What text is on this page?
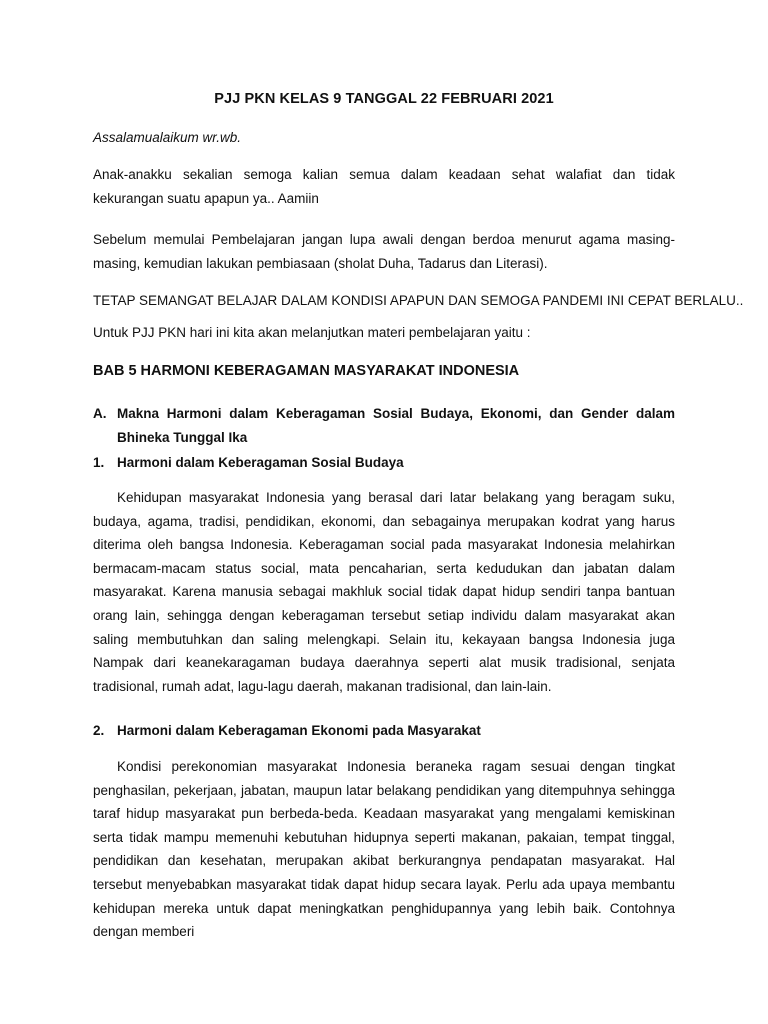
PJJ PKN KELAS 9 TANGGAL 22 FEBRUARI 2021
Assalamualaikum wr.wb.

Anak-anakku sekalian semoga kalian semua dalam keadaan sehat walafiat dan tidak kekurangan suatu apapun ya.. Aamiin

Sebelum memulai Pembelajaran jangan lupa awali dengan berdoa menurut agama masing-masing, kemudian lakukan pembiasaan (sholat Duha, Tadarus dan Literasi).

TETAP SEMANGAT BELAJAR DALAM KONDISI APAPUN DAN SEMOGA PANDEMI INI CEPAT BERLALU..
Untuk PJJ PKN hari ini kita akan melanjutkan materi pembelajaran yaitu :
BAB 5 HARMONI KEBERAGAMAN MASYARAKAT INDONESIA
A. Makna Harmoni dalam Keberagaman Sosial Budaya, Ekonomi, dan Gender dalam Bhineka Tunggal Ika
1. Harmoni dalam Keberagaman Sosial Budaya

Kehidupan masyarakat Indonesia yang berasal dari latar belakang yang beragam suku, budaya, agama, tradisi, pendidikan, ekonomi, dan sebagainya merupakan kodrat yang harus diterima oleh bangsa Indonesia. Keberagaman social pada masyarakat Indonesia melahirkan bermacam-macam status social, mata pencaharian, serta kedudukan dan jabatan dalam masyarakat. Karena manusia sebagai makhluk social tidak dapat hidup sendiri tanpa bantuan orang lain, sehingga dengan keberagaman tersebut setiap individu dalam masyarakat akan saling membutuhkan dan saling melengkapi. Selain itu, kekayaan bangsa Indonesia juga Nampak dari keanekaragaman budaya daerahnya seperti alat musik tradisional, senjata tradisional, rumah adat, lagu-lagu daerah, makanan tradisional, dan lain-lain.

2. Harmoni dalam Keberagaman Ekonomi pada Masyarakat

Kondisi perekonomian masyarakat Indonesia beraneka ragam sesuai dengan tingkat penghasilan, pekerjaan, jabatan, maupun latar belakang pendidikan yang ditempuhnya sehingga taraf hidup masyarakat pun berbeda-beda. Keadaan masyarakat yang mengalami kemiskinan serta tidak mampu memenuhi kebutuhan hidupnya seperti makanan, pakaian, tempat tinggal, pendidikan dan kesehatan, merupakan akibat berkurangnya pendapatan masyarakat. Hal tersebut menyebabkan masyarakat tidak dapat hidup secara layak. Perlu ada upaya membantu kehidupan mereka untuk dapat meningkatkan penghidupannya yang lebih baik. Contohnya dengan memberi
